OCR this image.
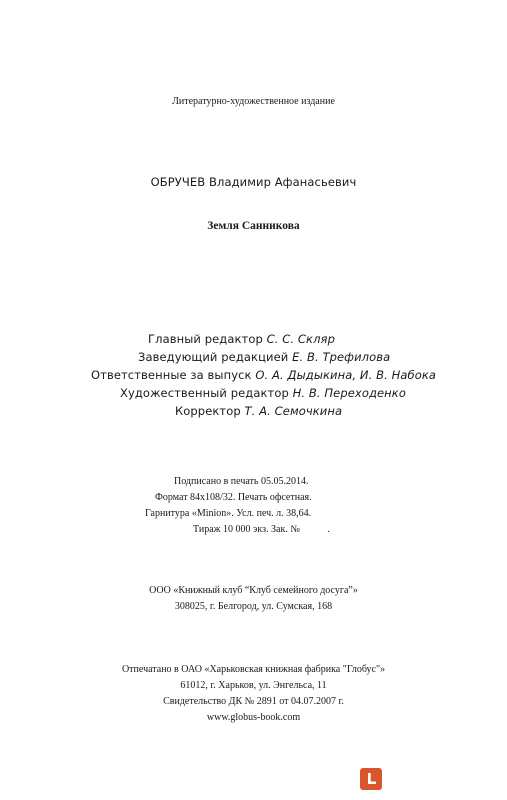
Литературно-художественное издание
ОБРУЧЕВ Владимир Афанасьевич
Земля Санникова
Главный редактор С. С. Скляр
Заведующий редакцией Е. В. Трефилова
Ответственные за выпуск О. А. Дыдыкина, И. В. Набока
Художественный редактор Н. В. Переходенко
Корректор Т. А. Семочкина
Подписано в печать 05.05.2014.
Формат 84x108/32. Печать офсетная.
Гарнитура «Minion». Усл. печ. л. 38,64.
Тираж 10 000 экз. Зак. №           .
ООО «Книжный клуб “Клуб семейного досуга”»
308025, г. Белгород, ул. Сумская, 168
Отпечатано в ОАО «Харьковская книжная фабрика "Глобус"»
61012, г. Харьков, ул. Энгельса, 11
Свидетельство ДК № 2891 от 04.07.2007 г.
www.globus-book.com
